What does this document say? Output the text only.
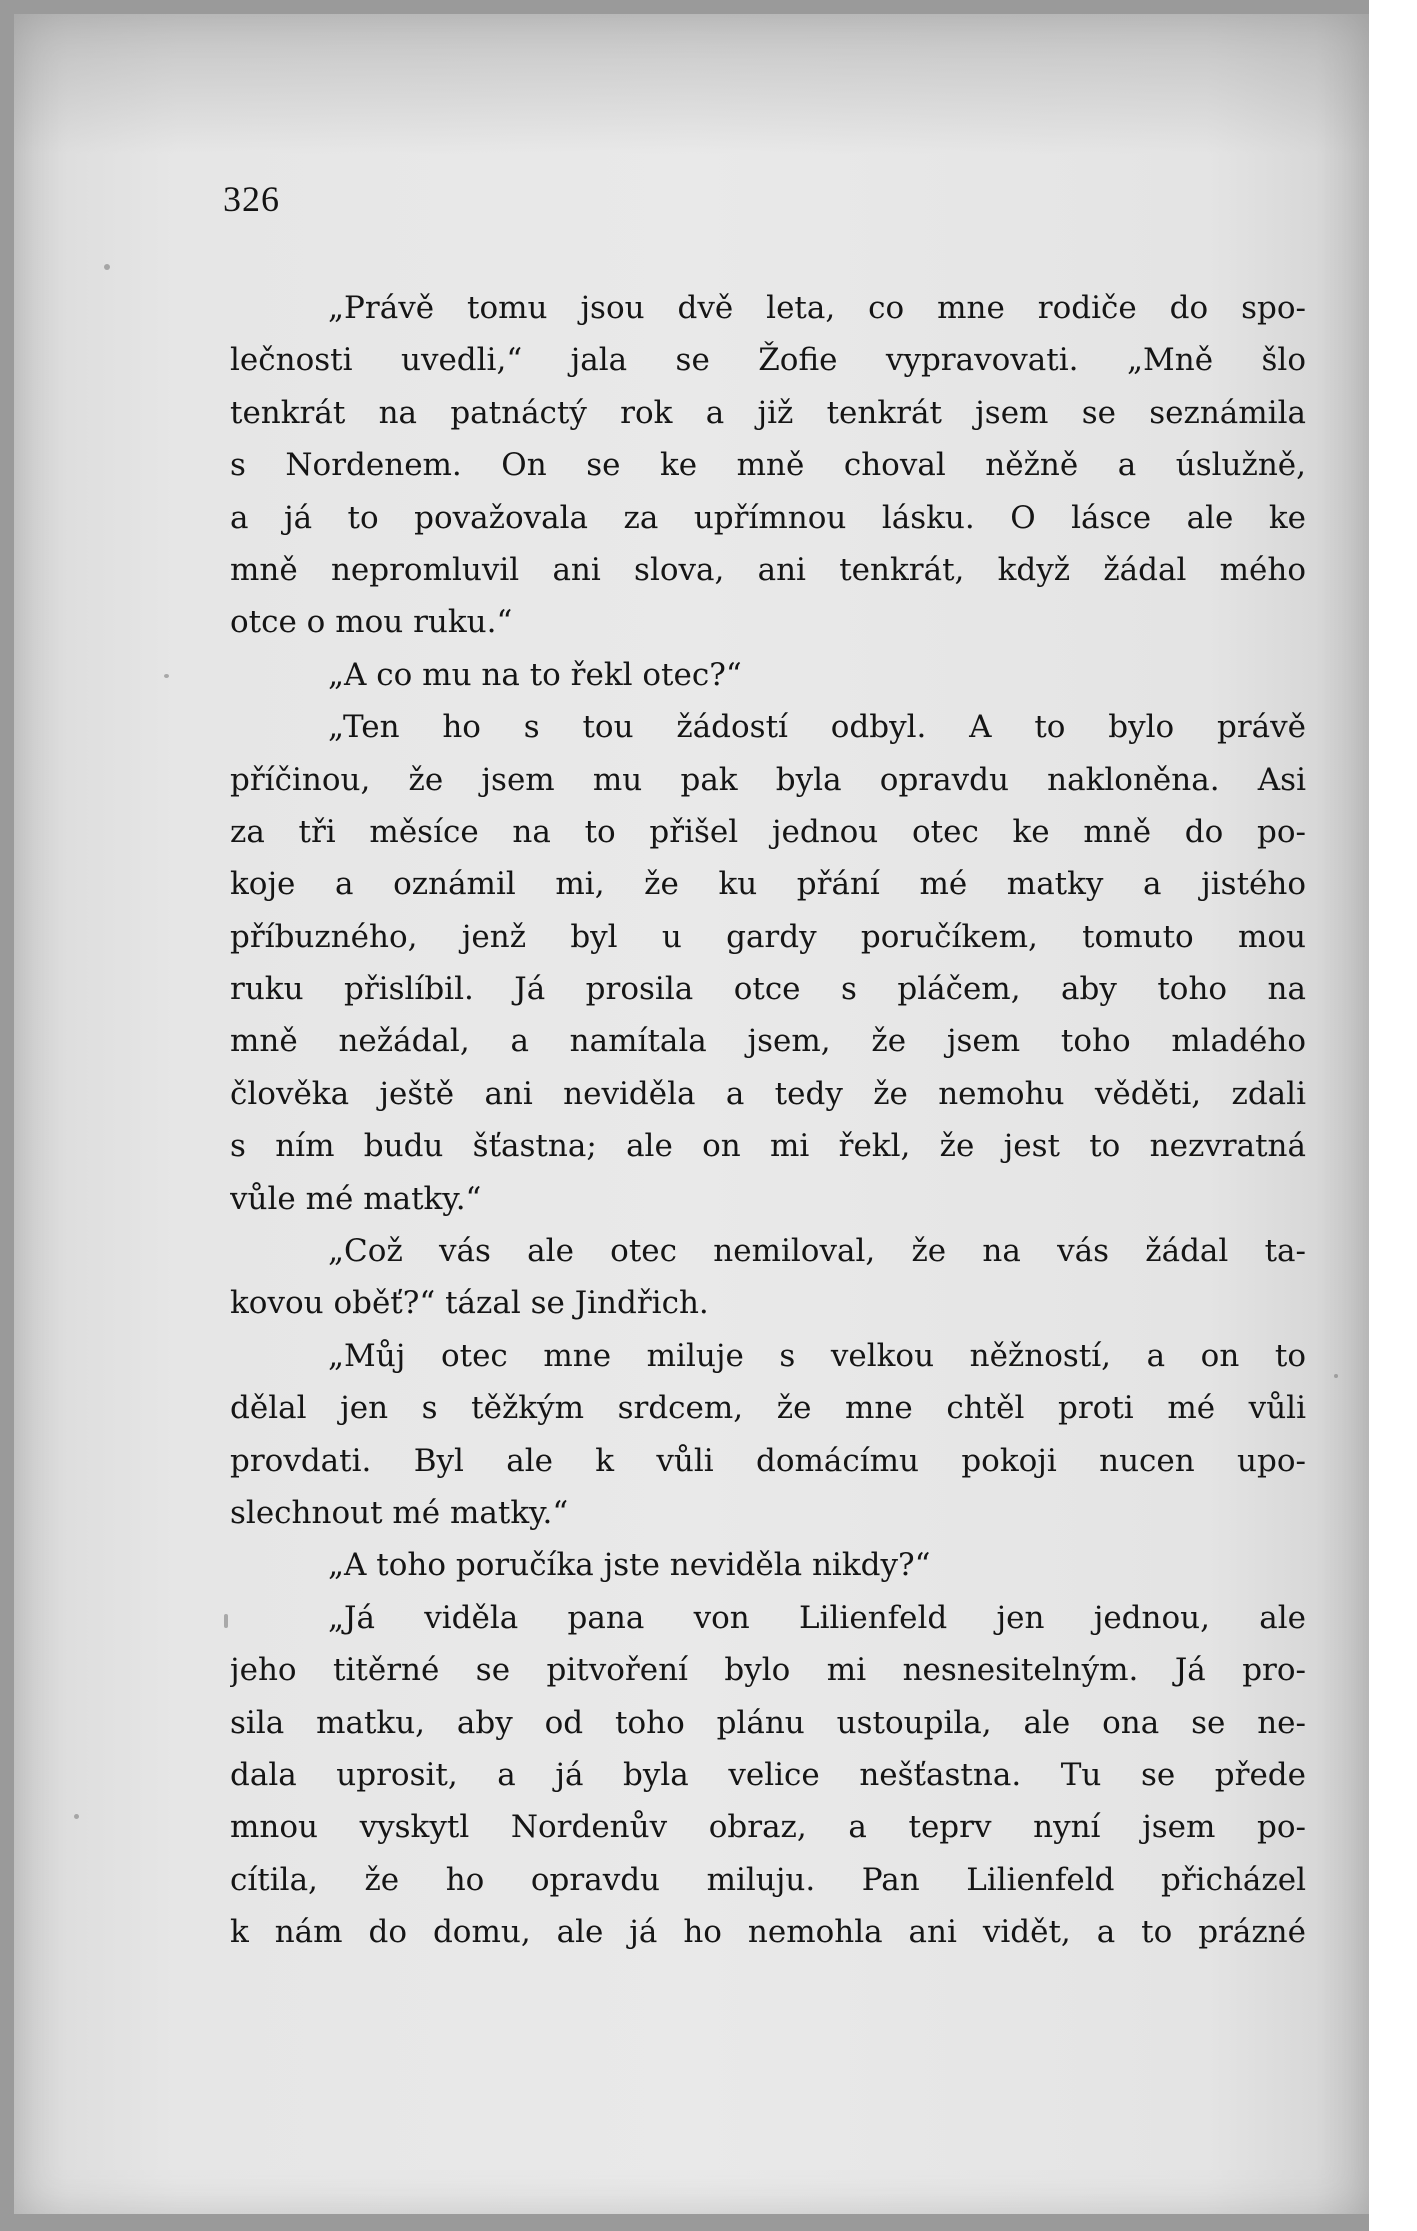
326
„Právě tomu jsou dvě leta, co mne rodiče do spo-
lečnosti uvedli,“ jala se Žofie vypravovati. „Mně šlo
tenkrát na patnáctý rok a již tenkrát jsem se seznámila
s Nordenem. On se ke mně choval něžně a úslužně,
a já to považovala za upřímnou lásku. O lásce ale ke
mně nepromluvil ani slova, ani tenkrát, když žádal mého
otce o mou ruku.“
„A co mu na to řekl otec?“
„Ten ho s tou žádostí odbyl. A to bylo právě
příčinou, že jsem mu pak byla opravdu nakloněna. Asi
za tři měsíce na to přišel jednou otec ke mně do po-
koje a oznámil mi, že ku přání mé matky a jistého
příbuzného, jenž byl u gardy poručíkem, tomuto mou
ruku přislíbil. Já prosila otce s pláčem, aby toho na
mně nežádal, a namítala jsem, že jsem toho mladého
člověka ještě ani neviděla a tedy že nemohu věděti, zdali
s ním budu šťastna; ale on mi řekl, že jest to nezvratná
vůle mé matky.“
„Což vás ale otec nemiloval, že na vás žádal ta-
kovou oběť?“ tázal se Jindřich.
„Můj otec mne miluje s velkou něžností, a on to
dělal jen s těžkým srdcem, že mne chtěl proti mé vůli
provdati. Byl ale k vůli domácímu pokoji nucen upo-
slechnout mé matky.“
„A toho poručíka jste neviděla nikdy?“
„Já viděla pana von Lilienfeld jen jednou, ale
jeho titěrné se pitvoření bylo mi nesnesitelným. Já pro-
sila matku, aby od toho plánu ustoupila, ale ona se ne-
dala uprosit, a já byla velice nešťastna. Tu se přede
mnou vyskytl Nordenův obraz, a teprv nyní jsem po-
cítila, že ho opravdu miluju. Pan Lilienfeld přicházel
k nám do domu, ale já ho nemohla ani vidět, a to prázné
